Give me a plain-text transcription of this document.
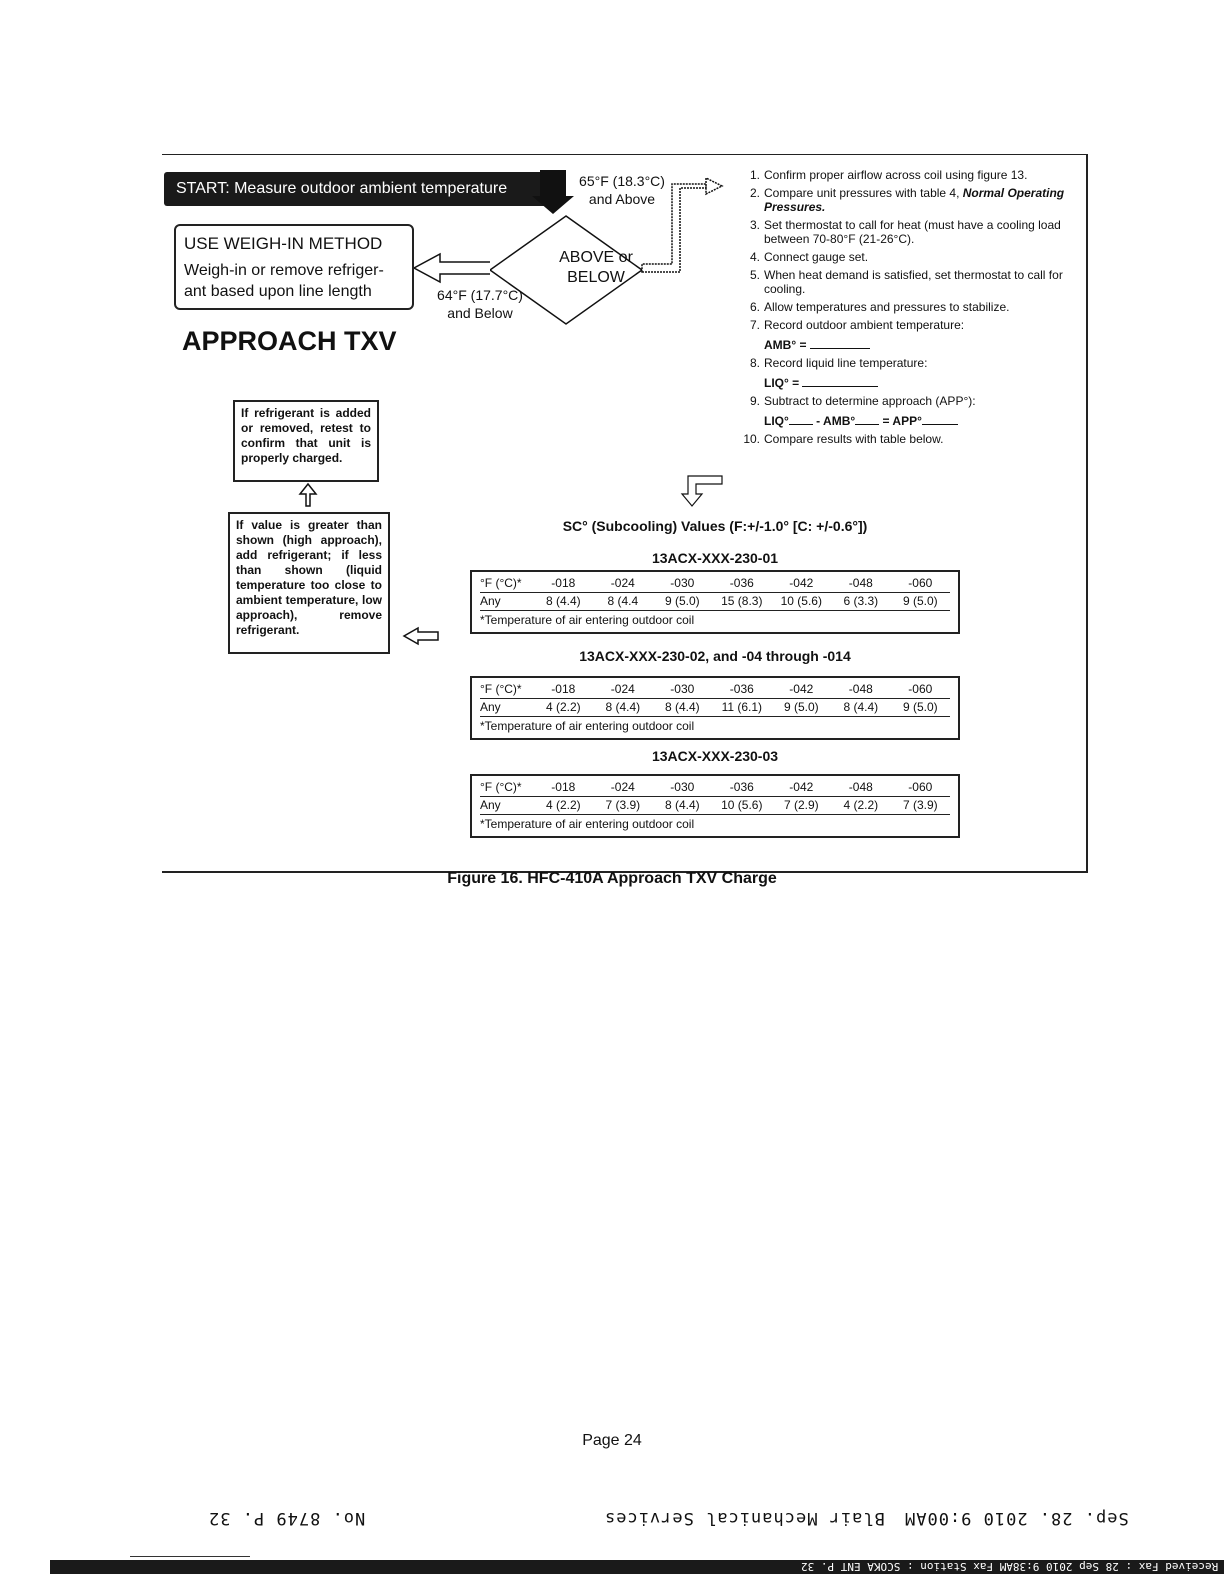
START: Measure outdoor ambient temperature
ABOVE or BELOW
65°F (18.3°C) and Above
64°F (17.7°C) and Below
USE WEIGH-IN METHOD
Weigh-in or remove refriger- ant based upon line length
APPROACH TXV
If refrigerant is added or removed, retest to confirm that unit is properly charged.
If value is greater than shown (high approach), add refrigerant; if less than shown (liquid temperature too close to ambient temperature, low approach), remove refrigerant.
1. Confirm proper airflow across coil using figure 13.
2. Compare unit pressures with table 4, Normal Operating Pressures.
3. Set thermostat to call for heat (must have a cooling load between 70-80°F (21-26°C).
4. Connect gauge set.
5. When heat demand is satisfied, set thermostat to call for cooling.
6. Allow temperatures and pressures to stabilize.
7. Record outdoor ambient temperature:
AMB° =
8. Record liquid line temperature:
LIQ° =
9. Subtract to determine approach (APP°):
LIQ° - AMB° = APP°
10. Compare results with table below.
SC° (Subcooling) Values (F:+/-1.0° [C: +/-0.6°])
13ACX-XXX-230-01
°F (°C)*	-018	-024	-030	-036	-042	-048	-060
Any	8 (4.4)	8 (4.4	9 (5.0)	15 (8.3)	10 (5.6)	6 (3.3)	9 (5.0)
*Temperature of air entering outdoor coil
13ACX-XXX-230-02, and -04 through -014
°F (°C)*	-018	-024	-030	-036	-042	-048	-060
Any	4 (2.2)	8 (4.4)	8 (4.4)	11 (6.1)	9 (5.0)	8 (4.4)	9 (5.0)
*Temperature of air entering outdoor coil
13ACX-XXX-230-03
°F (°C)*	-018	-024	-030	-036	-042	-048	-060
Any	4 (2.2)	7 (3.9)	8 (4.4)	10 (5.6)	7 (2.9)	4 (2.2)	7 (3.9)
*Temperature of air entering outdoor coil
Figure 16. HFC-410A Approach TXV Charge
Page 24
No. 8749 P. 32	Blair Mechanical Services Sep. 28. 2010 9:00AM
Received Fax : 28 Sep 2010 9:38AM Fax Station : SCOKA ENT P. 32
